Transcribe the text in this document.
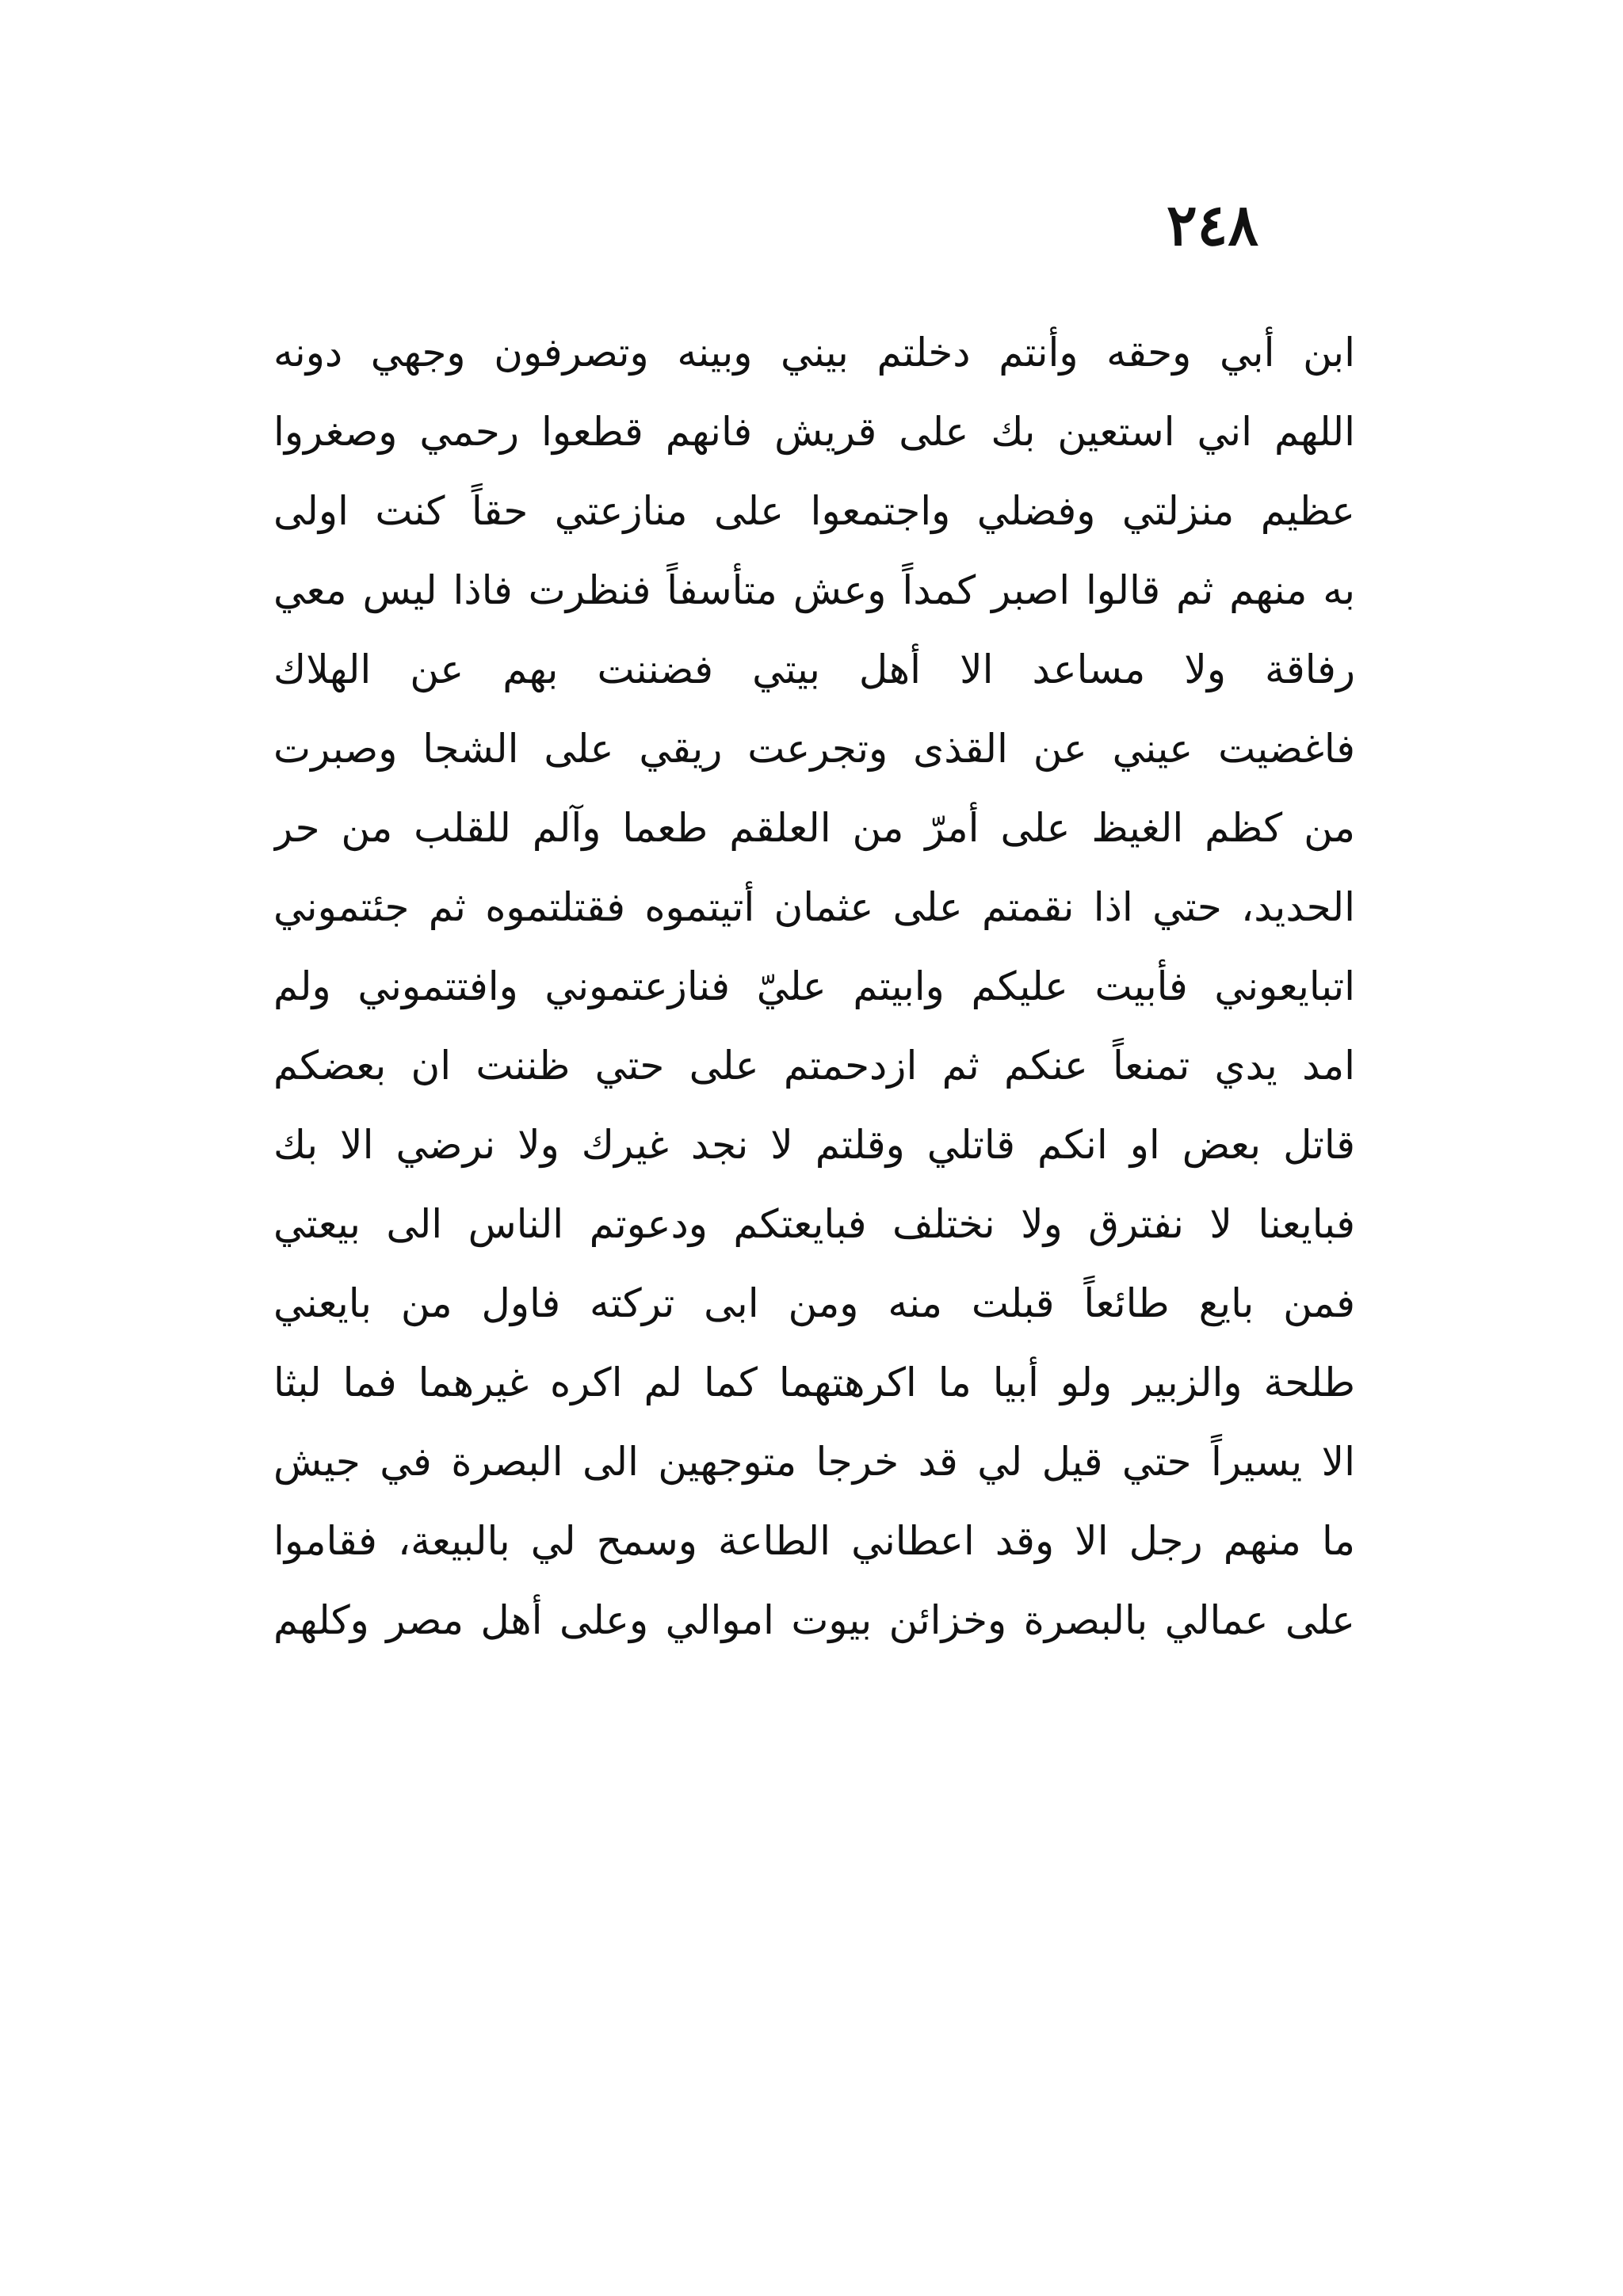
٢٤٨
ابن أبي وحقه وأنتم دخلتم بيني وبينه وتصرفون وجهي دونه
اللهم اني استعين بك على قريش فانهم قطعوا رحمي وصغروا
عظيم منزلتي وفضلي واجتمعوا على منازعتي حقاً كنت اولى
به منهم ثم قالوا اصبر كمداً وعش متأسفاً فنظرت فاذا ليس معي
رفاقة ولا مساعد الا أهل بيتي فضننت بهم عن الهلاك
فاغضيت عيني عن القذى وتجرعت ريقي على الشجا وصبرت
من كظم الغيظ على أمرّ من العلقم طعما وآلم للقلب من حر
الحديد، حتي اذا نقمتم على عثمان أتيتموه فقتلتموه ثم جئتموني
اتبايعوني فأبيت عليكم وابيتم عليّ فنازعتموني وافتتموني ولم
امد يدي تمنعاً عنكم ثم ازدحمتم على حتي ظننت ان بعضكم
قاتل بعض او انكم قاتلي وقلتم لا نجد غيرك ولا نرضي الا بك
فبايعنا لا نفترق ولا نختلف فبايعتكم ودعوتم الناس الى بيعتي
فمن بايع طائعاً قبلت منه ومن ابى تركته فاول من بايعني
طلحة والزبير ولو أبيا ما اكرهتهما كما لم اكره غيرهما فما لبثا
الا يسيراً حتي قيل لي قد خرجا متوجهين الى البصرة في جيش
ما منهم رجل الا وقد اعطاني الطاعة وسمح لي بالبيعة، فقاموا
على عمالي بالبصرة وخزائن بيوت اموالي وعلى أهل مصر وكلهم
